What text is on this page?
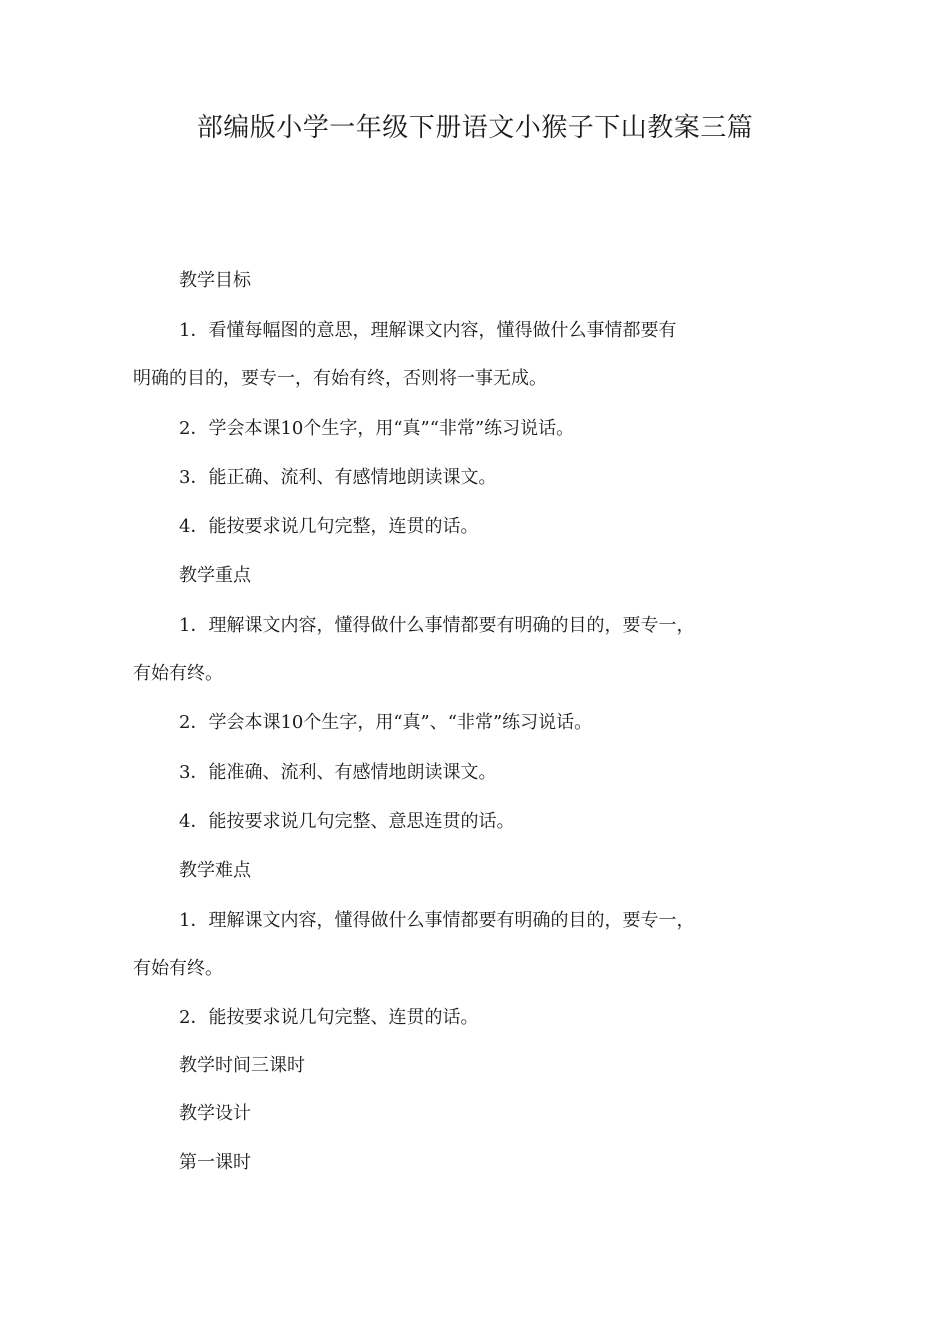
部编版小学一年级下册语文小猴子下山教案三篇
教学目标
1．看懂每幅图的意思，理解课文内容，懂得做什么事情都要有
明确的目的，要专一，有始有终，否则将一事无成。
2．学会本课10个生字，用“真”“非常”练习说话。
3．能正确、流利、有感情地朗读课文。
4．能按要求说几句完整，连贯的话。
教学重点
1．理解课文内容，懂得做什么事情都要有明确的目的，要专一，
有始有终。
2．学会本课10个生字，用“真”、“非常”练习说话。
3．能准确、流利、有感情地朗读课文。
4．能按要求说几句完整、意思连贯的话。
教学难点
1．理解课文内容，懂得做什么事情都要有明确的目的，要专一，
有始有终。
2．能按要求说几句完整、连贯的话。
教学时间三课时
教学设计
第一课时
